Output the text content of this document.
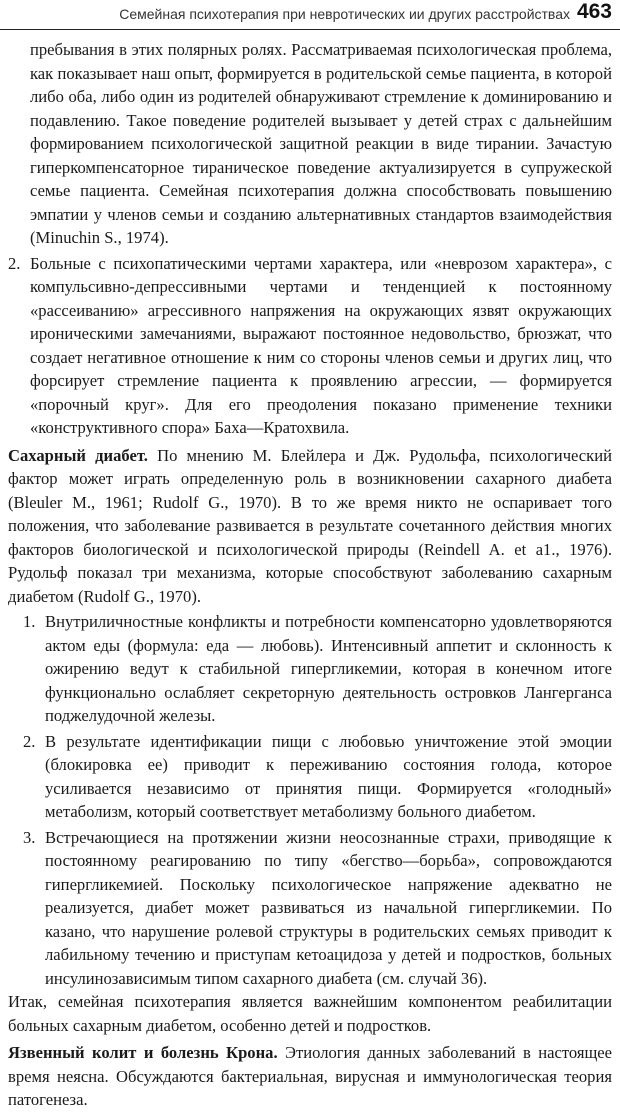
Семейная психотерапия при невротических ии других расстройствах 463

пребывания в этих полярных ролях. Рассматриваемая психологическая проблема, как показывает наш опыт, формируется в родительской семье пациента, в которой либо оба, либо один из родителей обнаруживают стремление к доминированию и подавлению. Такое поведение родителей вызывает у детей страх с дальнейшим формированием психологической защитной реакции в виде тирании. Зачастую гиперкомпенсаторное тираническое поведение актуализируется в супружеской семье пациента. Семейная психотерапия должна способствовать повышению эмпатии у членов семьи и созданию альтернативных стандартов взаимодействия (Minuchin S., 1974).

2. Больные с психопатическими чертами характера, или «неврозом характера», с компульсивно-депрессивными чертами и тенденцией к постоянному «рассеиванию» агрессивного напряжения на окружающих язвят окружающих ироническими замечаниями, выражают постоянное недовольство, брюзжат, что создает негативное отношение к ним со стороны членов семьи и других лиц, что форсирует стремление пациента к проявлению агрессии, — формируется «порочный круг». Для его преодоления показано применение техники «конструктивного спора» Баха—Кратохвила.

Сахарный диабет. По мнению М. Блейлера и Дж. Рудольфа, психологический фактор может играть определенную роль в возникновении сахарного диабета (Bleuler M., 1961; Rudolf G., 1970). В то же время никто не оспаривает того положения, что заболевание развивается в результате сочетанного действия многих факторов биологической и психологической природы (Reindell A. et a1., 1976). Рудольф показал три механизма, которые способствуют заболеванию сахарным диабетом (Rudolf G., 1970).

1. Внутриличностные конфликты и потребности компенсаторно удовлетворяются актом еды (формула: еда — любовь). Интенсивный аппетит и склонность к ожирению ведут к стабильной гипергликемии, которая в конечном итоге функционально ослабляет секреторную деятельность островков Лангерганса поджелудочной железы.

2. В результате идентификации пищи с любовью уничтожение этой эмоции (блокировка ее) приводит к переживанию состояния голода, которое усиливается независимо от принятия пищи. Формируется «голодный» метаболизм, который соответствует метаболизму больного диабетом.

3. Встречающиеся на протяжении жизни неосознанные страхи, приводящие к постоянному реагированию по типу «бегство—борьба», сопровождаются гипергликемией. Поскольку психологическое напряжение адекватно не реализуется, диабет может развиваться из начальной гипергликемии. По казано, что нарушение ролевой структуры в родительских семьях приводит к лабильному течению и приступам кетоацидоза у детей и подростков, больных инсулинозависимым типом сахарного диабета (см. случай 36).

Итак, семейная психотерапия является важнейшим компонентом реабилитации больных сахарным диабетом, особенно детей и подростков.

Язвенный колит и болезнь Крона. Этиология данных заболеваний в настоящее время неясна. Обсуждаются бактериальная, вирусная и иммунологическая теория патогенеза.
